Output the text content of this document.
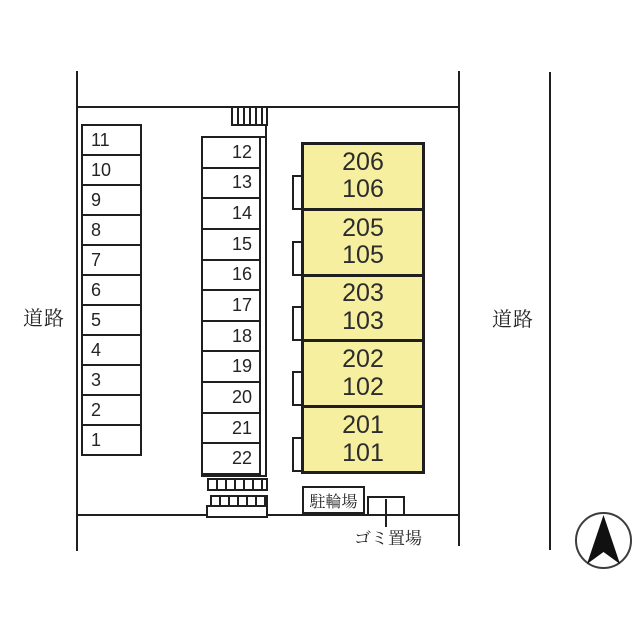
道路	道路
11
10
9
8
7
6
5
4
3
2
1
12
13
14
15
16
17
18
19
20
21
22
206
106
205
105
203
103
202
102
201
101
駐輪場
ゴミ置場
